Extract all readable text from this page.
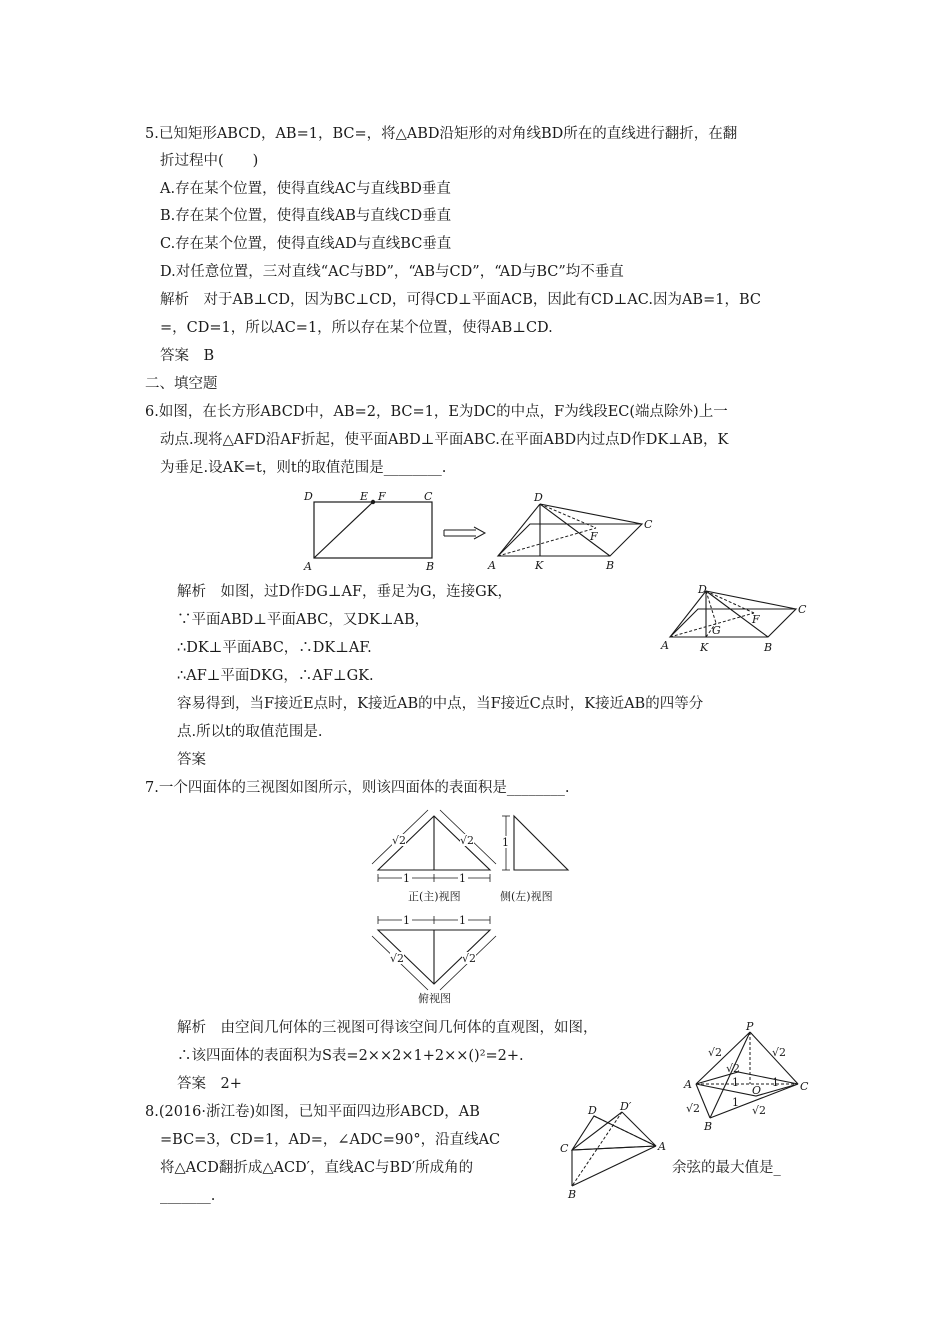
5.已知矩形ABCD，AB=1，BC=，将△ABD沿矩形的对角线BD所在的直线进行翻折，在翻
折过程中(　　)
A.存在某个位置，使得直线AC与直线BD垂直
B.存在某个位置，使得直线AB与直线CD垂直
C.存在某个位置，使得直线AD与直线BC垂直
D.对任意位置，三对直线“AC与BD”，“AB与CD”，“AD与BC”均不垂直
解析　对于AB⊥CD，因为BC⊥CD，可得CD⊥平面ACB，因此有CD⊥AC.因为AB=1，BC
=，CD=1，所以AC=1，所以存在某个位置，使得AB⊥CD.
答案　B
二、填空题
6.如图，在长方形ABCD中，AB=2，BC=1，E为DC的中点，F为线段EC(端点除外)上一
动点.现将△AFD沿AF折起，使平面ABD⊥平面ABC.在平面ABD内过点D作DK⊥AB，K
为垂足.设AK=t，则t的取值范围是________.
D	E F	C
A	B
D
F
C
A	K	B
解析　如图，过D作DG⊥AF，垂足为G，连接GK，
∵平面ABD⊥平面ABC，又DK⊥AB，
∴DK⊥平面ABC，∴DK⊥AF.
∴AF⊥平面DKG，∴AF⊥GK.
容易得到，当F接近E点时，K接近AB的中点，当F接近C点时，K接近AB的四等分
点.所以t的取值范围是.
答案
D
G
F
C
A	K	B
7.一个四面体的三视图如图所示，则该四面体的表面积是________.
√2	√2
1	1
正(主)视图
1
侧(左)视图
1	1
√2	√2
俯视图
解析　由空间几何体的三视图可得该空间几何体的直观图，如图，
∴该四面体的表面积为S表=2××2×1+2××()²=2+.
答案　2+
P
A	C
B
O
√2	√2
√2
√2	√2
1	1
1
8.(2016·浙江卷)如图，已知平面四边形ABCD，AB
=BC=3，CD=1，AD=，∠ADC=90°，沿直线AC
将△ACD翻折成△ACD′，直线AC与BD′所成角的	余弦的最大值是_
_______.
D D′
C	A
B
